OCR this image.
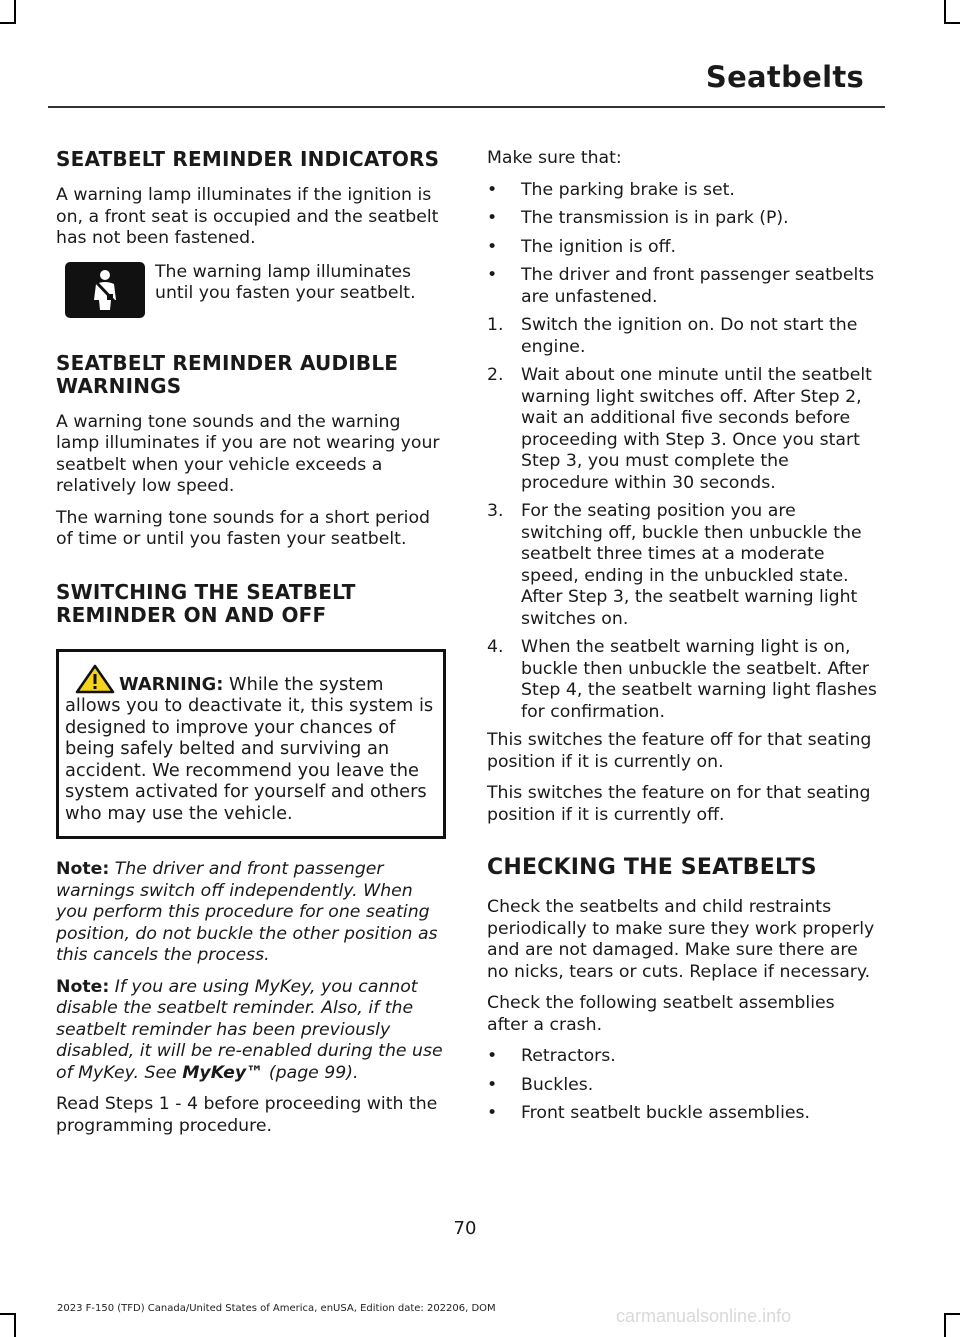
Seatbelts
SEATBELT REMINDER INDICATORS

A warning lamp illuminates if the ignition is on, a front seat is occupied and the seatbelt has not been fastened.

The warning lamp illuminates until you fasten your seatbelt.

SEATBELT REMINDER AUDIBLE WARNINGS

A warning tone sounds and the warning lamp illuminates if you are not wearing your seatbelt when your vehicle exceeds a relatively low speed.

The warning tone sounds for a short period of time or until you fasten your seatbelt.

SWITCHING THE SEATBELT REMINDER ON AND OFF

WARNING: While the system allows you to deactivate it, this system is designed to improve your chances of being safely belted and surviving an accident. We recommend you leave the system activated for yourself and others who may use the vehicle.

Note: The driver and front passenger warnings switch off independently. When you perform this procedure for one seating position, do not buckle the other position as this cancels the process.

Note: If you are using MyKey, you cannot disable the seatbelt reminder. Also, if the seatbelt reminder has been previously disabled, it will be re-enabled during the use of MyKey. See MyKey™ (page 99).

Read Steps 1 - 4 before proceeding with the programming procedure.

Make sure that:

• The parking brake is set.
• The transmission is in park (P).
• The ignition is off.
• The driver and front passenger seatbelts are unfastened.
1. Switch the ignition on. Do not start the engine.
2. Wait about one minute until the seatbelt warning light switches off. After Step 2, wait an additional five seconds before proceeding with Step 3. Once you start Step 3, you must complete the procedure within 30 seconds.
3. For the seating position you are switching off, buckle then unbuckle the seatbelt three times at a moderate speed, ending in the unbuckled state. After Step 3, the seatbelt warning light switches on.
4. When the seatbelt warning light is on, buckle then unbuckle the seatbelt. After Step 4, the seatbelt warning light flashes for confirmation.

This switches the feature off for that seating position if it is currently on.

This switches the feature on for that seating position if it is currently off.

CHECKING THE SEATBELTS

Check the seatbelts and child restraints periodically to make sure they work properly and are not damaged. Make sure there are no nicks, tears or cuts. Replace if necessary.

Check the following seatbelt assemblies after a crash.

• Retractors.
• Buckles.
• Front seatbelt buckle assemblies.
70
2023 F-150 (TFD) Canada/United States of America, enUSA, Edition date: 202206, DOM	carmanualsonline.info
